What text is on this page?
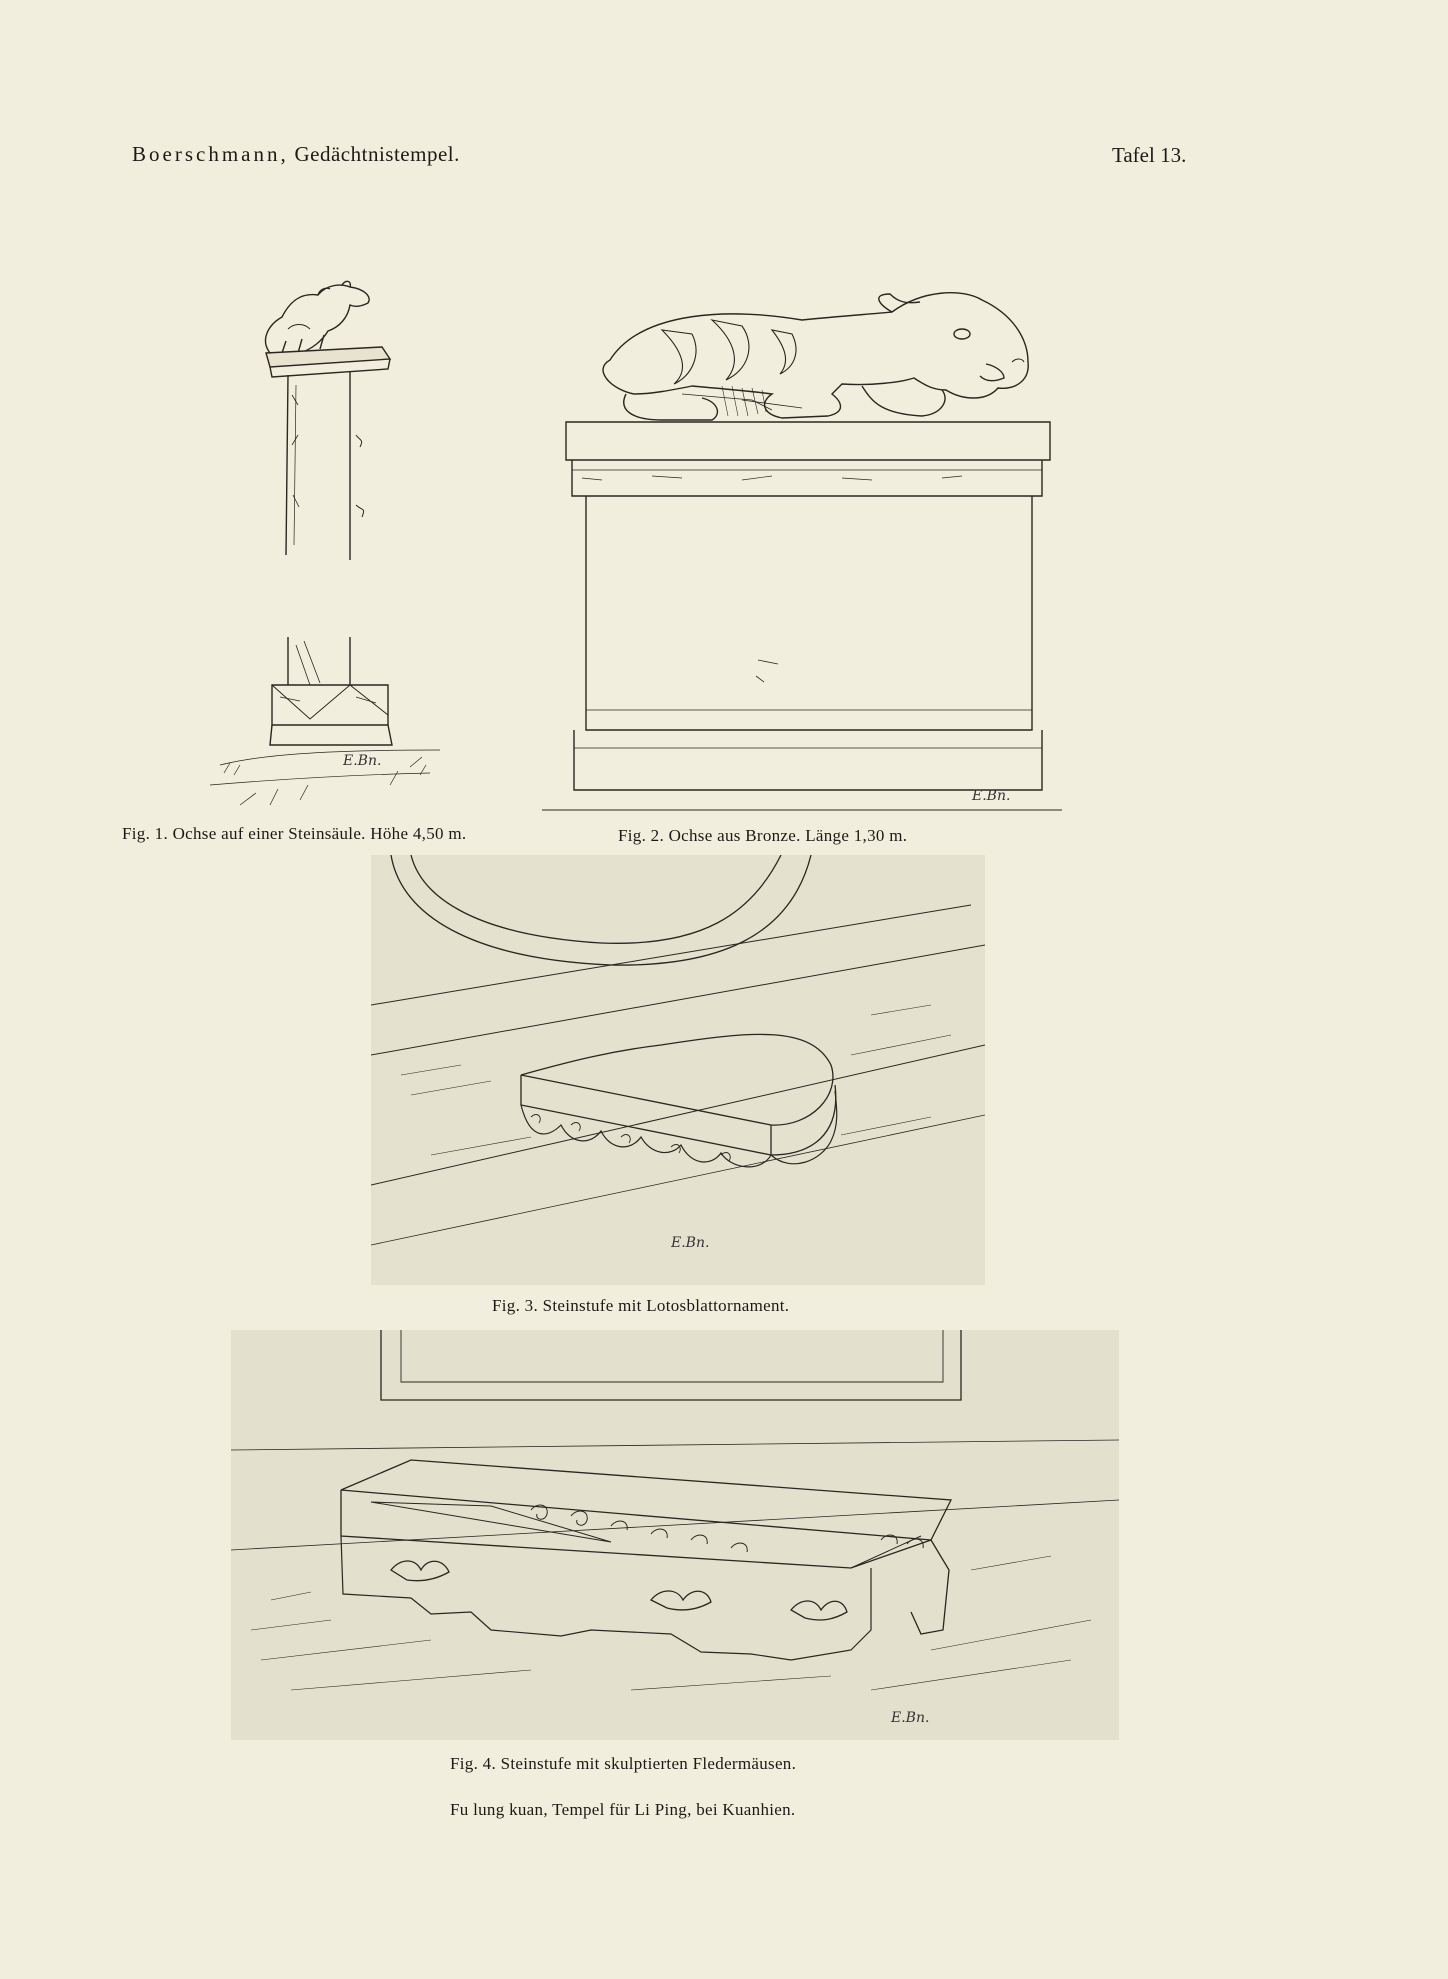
Boerschmann, Gedächtnistempel.	Tafel 13.
E.Bn.
Fig. 1. Ochse auf einer Steinsäule. Höhe 4,50 m.
E.Bn.
Fig. 2. Ochse aus Bronze. Länge 1,30 m.
E.Bn.
Fig. 3. Steinstufe mit Lotosblattornament.
E.Bn.
Fig. 4. Steinstufe mit skulptierten Fledermäusen.
Fu lung kuan, Tempel für Li Ping, bei Kuanhien.
